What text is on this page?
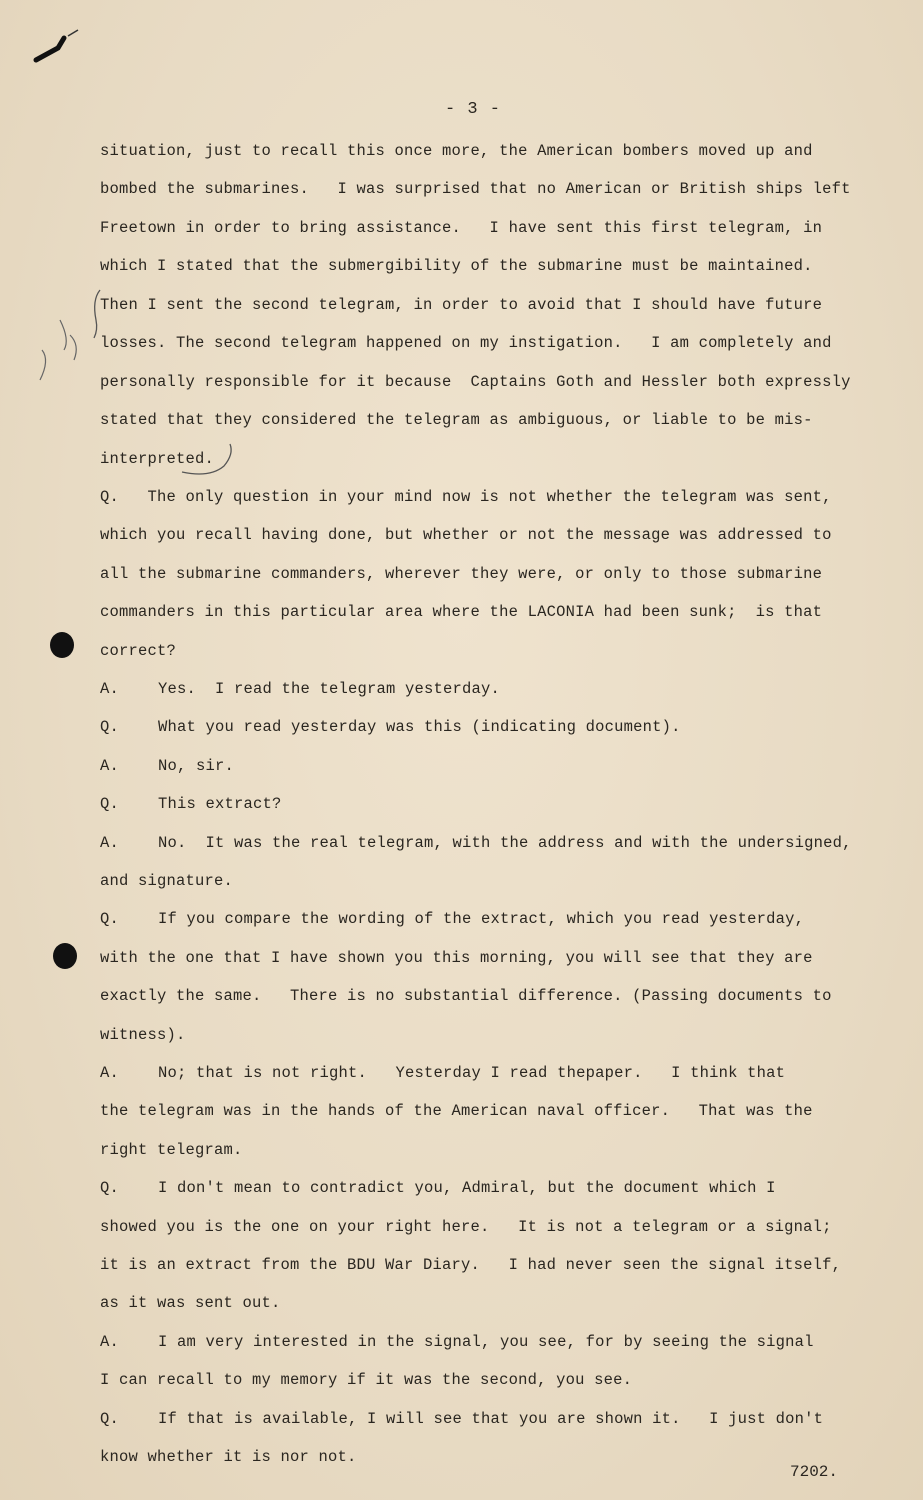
- 3 -
situation, just to recall this once more, the American bombers moved up and
bombed the submarines.   I was surprised that no American or British ships left
Freetown in order to bring assistance.   I have sent this first telegram, in
which I stated that the submergibility of the submarine must be maintained.
Then I sent the second telegram, in order to avoid that I should have future
losses. The second telegram happened on my instigation.   I am completely and
personally responsible for it because  Captains Goth and Hessler both expressly
stated that they considered the telegram as ambiguous, or liable to be mis-
interpreted.
Q.   The only question in your mind now is not whether the telegram was sent,
which you recall having done, but whether or not the message was addressed to
all the submarine commanders, wherever they were, or only to those submarine
commanders in this particular area where the LACONIA had been sunk;  is that
correct?
A.	Yes.  I read the telegram yesterday.
Q.	What you read yesterday was this (indicating document).
A.	No, sir.
Q.	This extract?
A.	No.  It was the real telegram, with the address and with the undersigned,
and signature.
Q.	If you compare the wording of the extract, which you read yesterday,
with the one that I have shown you this morning, you will see that they are
exactly the same.   There is no substantial difference. (Passing documents to
witness).
A.	No; that is not right.   Yesterday I read thepaper.   I think that
the telegram was in the hands of the American naval officer.   That was the
right telegram.
Q.	I don't mean to contradict you, Admiral, but the document which I
showed you is the one on your right here.   It is not a telegram or a signal;
it is an extract from the BDU War Diary.   I had never seen the signal itself,
as it was sent out.
A.	I am very interested in the signal, you see, for by seeing the signal
I can recall to my memory if it was the second, you see.
Q.	If that is available, I will see that you are shown it.   I just don't
know whether it is nor not.
7202.
